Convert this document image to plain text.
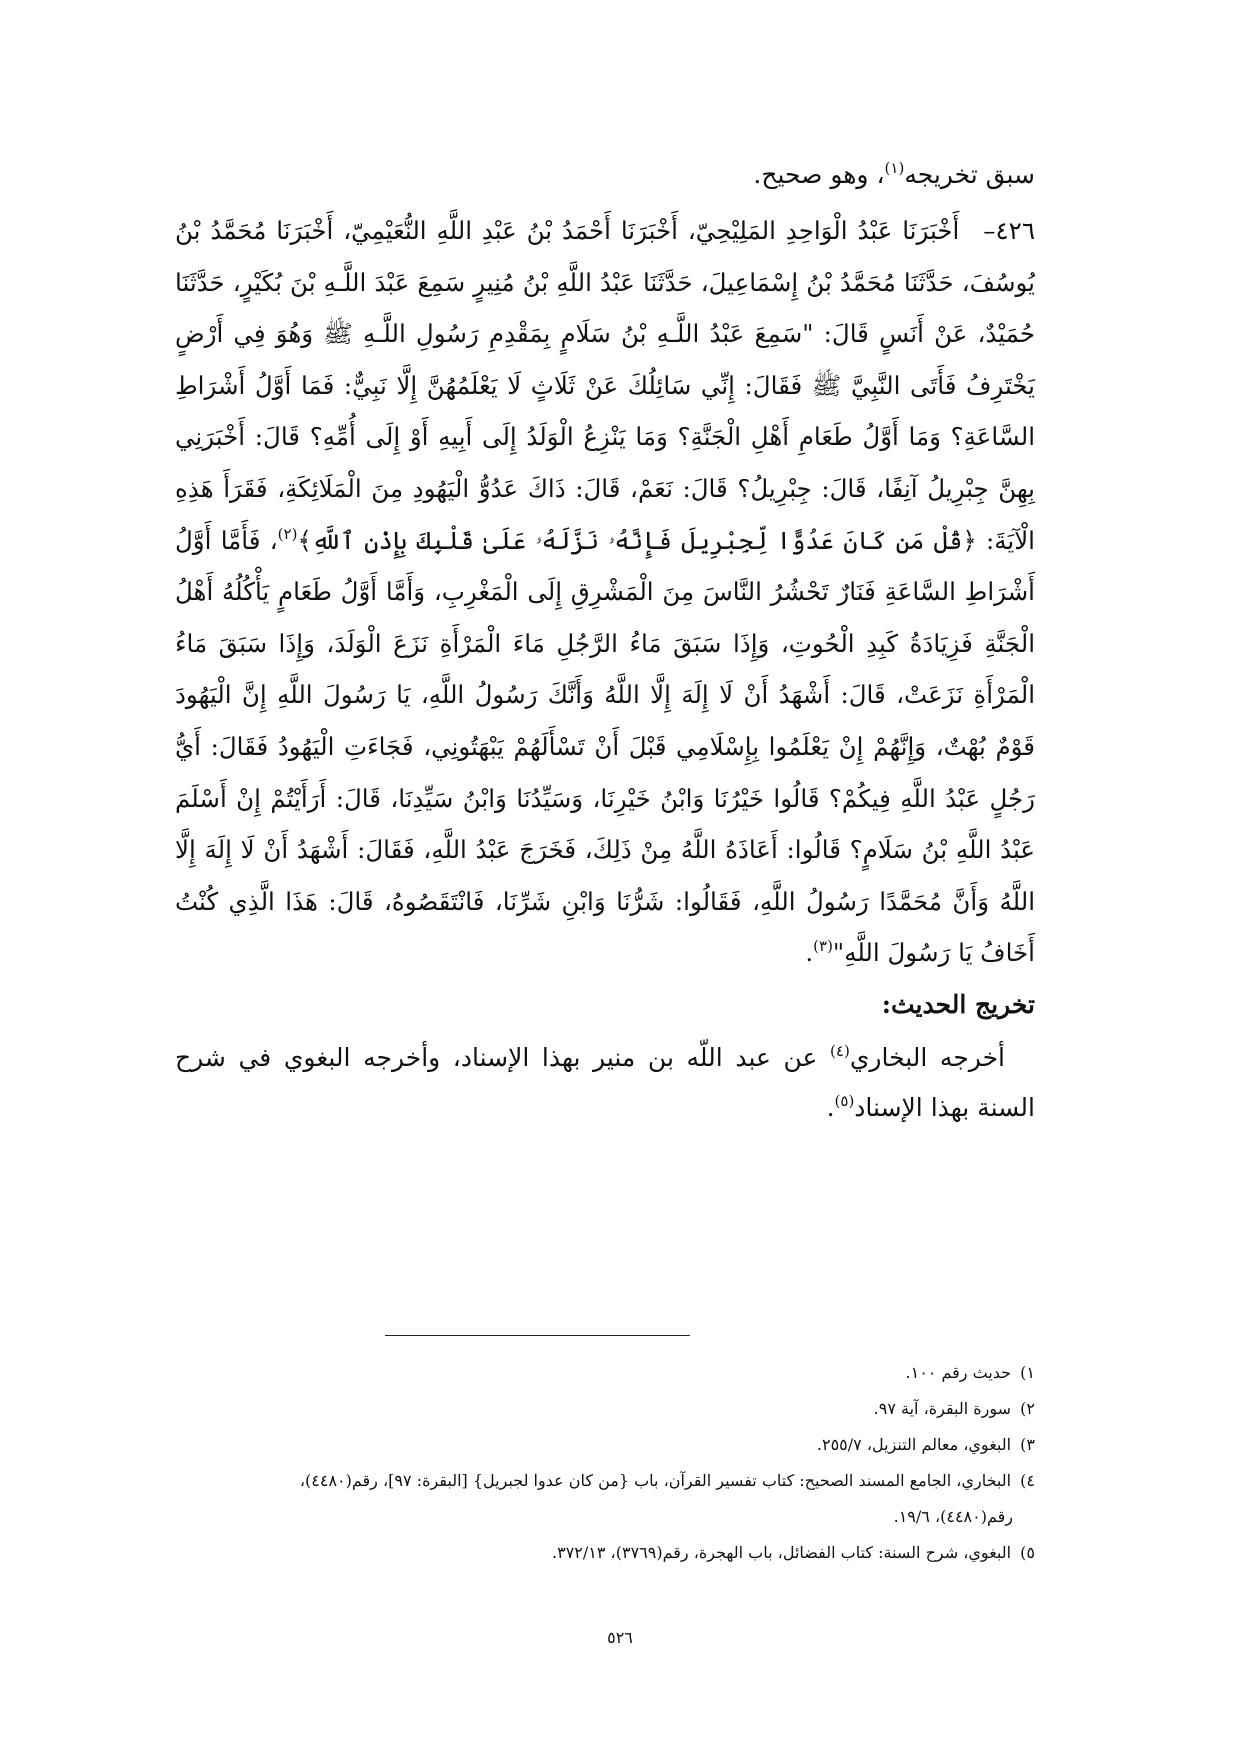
سبق تخريجه$^{(١)}$، وهو صحيح.

٤٢٦– أَخْبَرَنَا عَبْدُ الْوَاحِدِ المَلِيْحِيّ، أَخْبَرَنَا أَحْمَدُ بْنُ عَبْدِ اللَّهِ النُّعَيْمِيّ، أَخْبَرَنَا مُحَمَّدُ بْنُ يُوسُفَ، حَدَّثَنَا مُحَمَّدُ بْنُ إِسْمَاعِيلَ، حَدَّثَنَا عَبْدُ اللَّهِ بْنُ مُنِيرٍ سَمِعَ عَبْدَ اللَّـهِ بْنَ بُكَيْرٍ، حَدَّثَنَا حُمَيْدٌ، عَنْ أَنَسٍ قَالَ: "سَمِعَ عَبْدُ اللَّـهِ بْنُ سَلَامٍ بِمَقْدِمِ رَسُولِ اللَّـهِ ﷺ وَهُوَ فِي أَرْضٍ يَخْتَرِفُ فَأَتَى النَّبِيَّ ﷺ فَقَالَ: إِنِّي سَائِلُكَ عَنْ ثَلَاثٍ لَا يَعْلَمُهُنَّ إِلَّا نَبِيٌّ: فَمَا أَوَّلُ أَشْرَاطِ السَّاعَةِ؟ وَمَا أَوَّلُ طَعَامِ أَهْلِ الْجَنَّةِ؟ وَمَا يَنْزِعُ الْوَلَدُ إِلَى أَبِيهِ أَوْ إِلَى أُمِّهِ؟ قَالَ: أَخْبَرَنِي بِهِنَّ جِبْرِيلُ آنِفًا، قَالَ: جِبْرِيلُ؟ قَالَ: نَعَمْ، قَالَ: ذَاكَ عَدُوُّ الْيَهُودِ مِنَ الْمَلَائِكَةِ، فَقَرَأَ هَذِهِ الْآيَةَ: ﴿قُلْ مَن كَانَ عَدُوًّا لِّجِبْرِيلَ فَإِنَّهُۥ نَزَّلَهُۥ عَلَىٰ قَلْبِكَ بِإِذْنِ ٱللَّهِ﴾$^{(٢)}$، فَأَمَّا أَوَّلُ أَشْرَاطِ السَّاعَةِ فَنَارٌ تَحْشُرُ النَّاسَ مِنَ الْمَشْرِقِ إِلَى الْمَغْرِبِ، وَأَمَّا أَوَّلُ طَعَامٍ يَأْكُلُهُ أَهْلُ الْجَنَّةِ فَزِيَادَةُ كَبِدِ الْحُوتِ، وَإِذَا سَبَقَ مَاءُ الرَّجُلِ مَاءَ الْمَرْأَةِ نَزَعَ الْوَلَدَ، وَإِذَا سَبَقَ مَاءُ الْمَرْأَةِ نَزَعَتْ، قَالَ: أَشْهَدُ أَنْ لَا إِلَهَ إِلَّا اللَّهُ وَأَنَّكَ رَسُولُ اللَّهِ، يَا رَسُولَ اللَّهِ إِنَّ الْيَهُودَ قَوْمٌ بُهْتٌ، وَإِنَّهُمْ إِنْ يَعْلَمُوا بِإِسْلَامِي قَبْلَ أَنْ تَسْأَلَهُمْ يَبْهَتُونِي، فَجَاءَتِ الْيَهُودُ فَقَالَ: أَيُّ رَجُلٍ عَبْدُ اللَّهِ فِيكُمْ؟ قَالُوا خَيْرُنَا وَابْنُ خَيْرِنَا، وَسَيِّدُنَا وَابْنُ سَيِّدِنَا، قَالَ: أَرَأَيْتُمْ إِنْ أَسْلَمَ عَبْدُ اللَّهِ بْنُ سَلَامٍ؟ قَالُوا: أَعَاذَهُ اللَّهُ مِنْ ذَلِكَ، فَخَرَجَ عَبْدُ اللَّهِ، فَقَالَ: أَشْهَدُ أَنْ لَا إِلَهَ إِلَّا اللَّهُ وَأَنَّ مُحَمَّدًا رَسُولُ اللَّهِ، فَقَالُوا: شَرُّنَا وَابْنِ شَرِّنَا، فَانْتَقَصُوهُ، قَالَ: هَذَا الَّذِي كُنْتُ أَخَافُ يَا رَسُولَ اللَّهِ"$^{(٣)}$.

تخريج الحديث:

أخرجه البخاري$^{(٤)}$ عن عبد اللّه بن منير بهذا الإسناد، وأخرجه البغوي في شرح السنة بهذا الإسناد$^{(٥)}$.

١) حديث رقم ١٠٠.

٢) سورة البقرة، آية ٩٧.

٣) البغوي، معالم التنزيل، ٢٥٥/٧.

٤) البخاري، الجامع المسند الصحيح: كتاب تفسير القرآن، باب {من كان عدوا لجبريل} [البقرة: ٩٧]، رقم(٤٤٨٠)،

رقم(٤٤٨٠)، ١٩/٦.

٥) البغوي، شرح السنة: كتاب الفضائل، باب الهجرة، رقم(٣٧٦٩)، ٣٧٢/١٣.

٥٢٦
